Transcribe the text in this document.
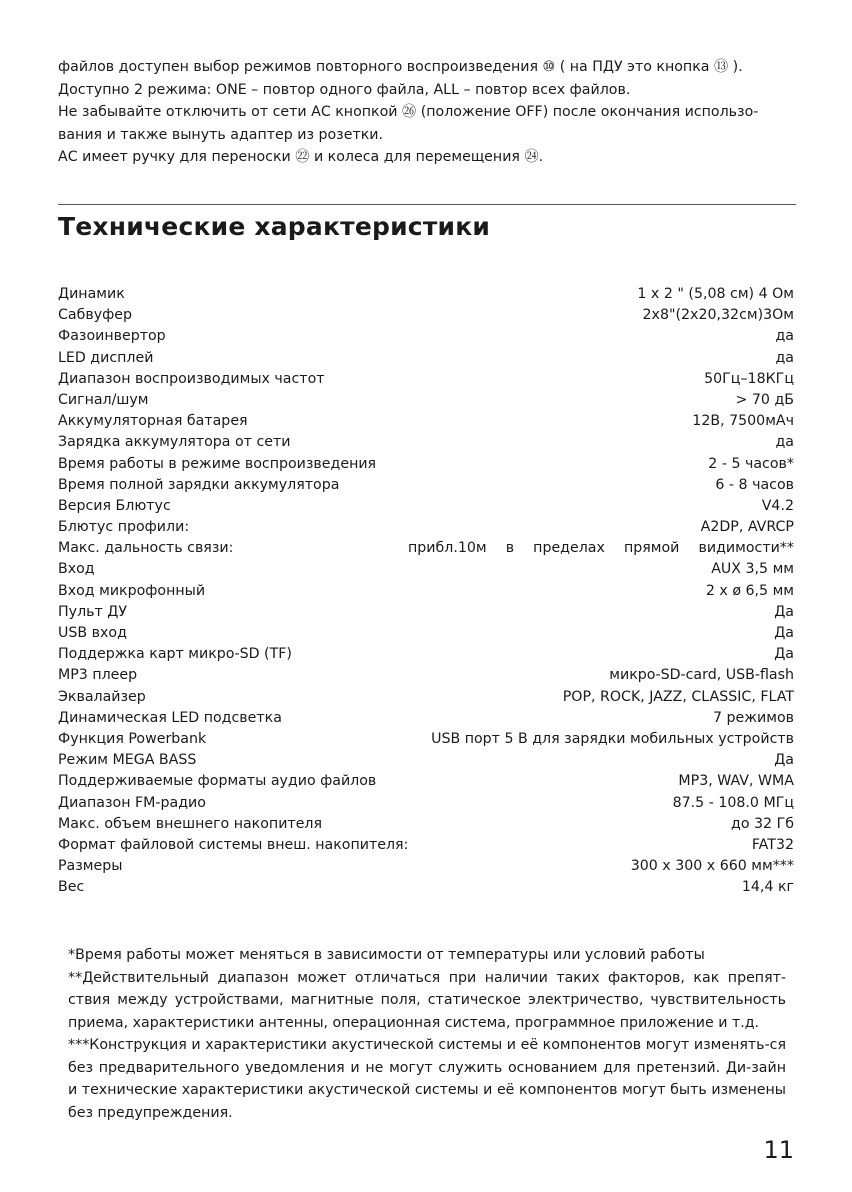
файлов доступен выбор режимов повторного воспроизведения ⑩ ( на ПДУ это кнопка ⑬ ).

Доступно 2 режима: ONE – повтор одного файла, ALL – повтор всех файлов.

Не забывайте отключить от сети АС кнопкой ㉖ (положение OFF) после окончания использо-вания и также вынуть адаптер из розетки.

АС имеет ручку для переноски ㉒ и колеса для перемещения ㉔.

Технические характеристики
Динамик	1 х 2 " (5,08 см) 4 Ом
Сабвуфер	2х8"(2х20,32см)3Ом
Фазоинвертор	да
LED дисплей	да
Диапазон воспроизводимых частот	50Гц–18КГц
Сигнал/шум	> 70 дБ
Аккумуляторная батарея	12В, 7500мАч
Зарядка аккумулятора от сети	да
Время работы в режиме воспроизведения	2 - 5 часов*
Время полной зарядки аккумулятора	6 - 8 часов
Версия Блютус	V4.2
Блютус профили:	A2DP, AVRCP
Макс. дальность связи:	прибл.10м в пределах прямой видимости**
Вход	AUX 3,5 мм
Вход микрофонный	2 х ø 6,5 мм
Пульт ДУ	Да
USB вход	Да
Поддержка карт микро-SD (TF)	Да
MP3 плеер	микро-SD-card, USB-flash
Эквалайзер	POP, ROCK, JAZZ, CLASSIC, FLAT
Динамическая LED подсветка	7 режимов
Функция Powerbank	USB порт 5 В для зарядки мобильных устройств
Режим MEGA BASS	Да
Поддерживаемые форматы аудио файлов	MP3, WAV, WMA
Диапазон FM-радио	87.5 - 108.0 МГц
Макс. объем внешнего накопителя	до 32 Гб
Формат файловой системы внеш. накопителя:	FAT32
Размеры	300 х 300 х 660 мм***
Вес	14,4 кг

*Время работы может меняться в зависимости от температуры или условий работы

**Действительный диапазон может отличаться при наличии таких факторов, как препят-ствия между устройствами, магнитные поля, статическое электричество, чувствительность приема, характеристики антенны, операционная система, программное приложение и т.д.

***Конструкция и характеристики акустической системы и её компонентов могут изменять-ся без предварительного уведомления и не могут служить основанием для претензий. Ди-зайн и технические характеристики акустической системы и её компонентов могут быть изменены без предупреждения.

11
